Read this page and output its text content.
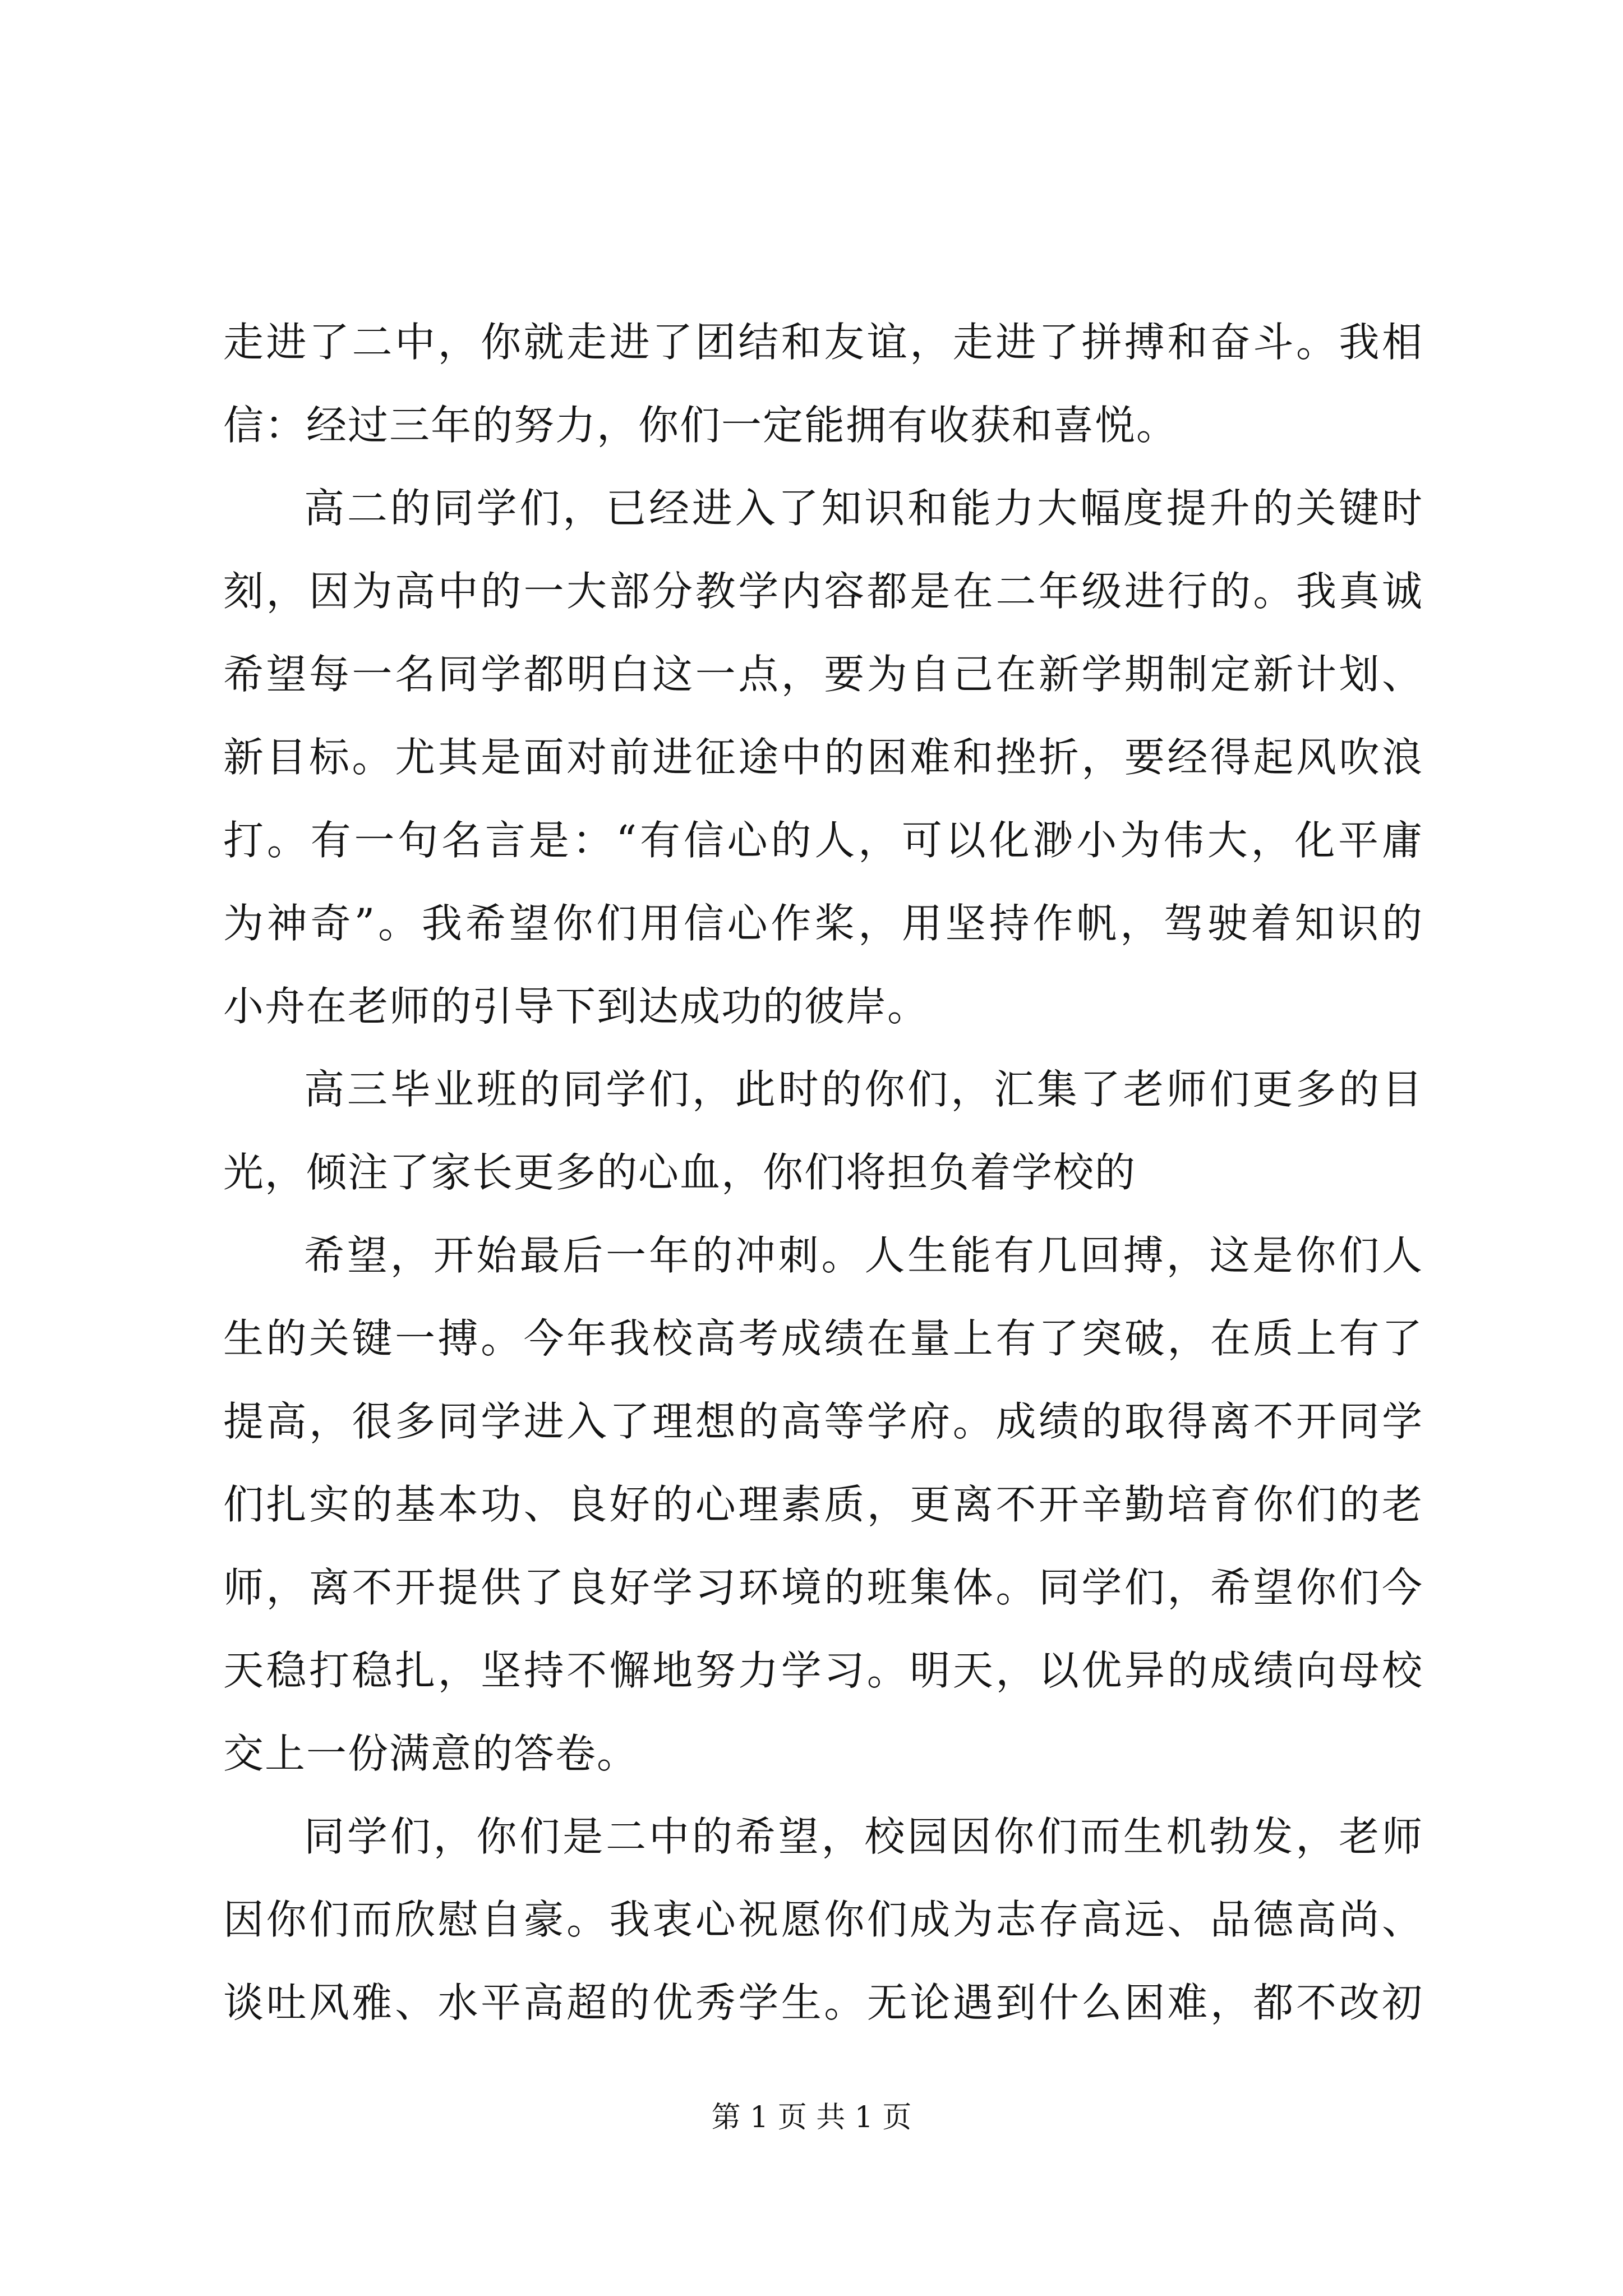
走进了二中，你就走进了团结和友谊，走进了拼搏和奋斗。我相
信：经过三年的努力，你们一定能拥有收获和喜悦。
高二的同学们，已经进入了知识和能力大幅度提升的关键时
刻，因为高中的一大部分教学内容都是在二年级进行的。我真诚
希望每一名同学都明白这一点，要为自己在新学期制定新计划、
新目标。尤其是面对前进征途中的困难和挫折，要经得起风吹浪
打。有一句名言是：“有信心的人，可以化渺小为伟大，化平庸
为神奇”。我希望你们用信心作桨，用坚持作帆，驾驶着知识的
小舟在老师的引导下到达成功的彼岸。
高三毕业班的同学们，此时的你们，汇集了老师们更多的目
光，倾注了家长更多的心血，你们将担负着学校的
希望，开始最后一年的冲刺。人生能有几回搏，这是你们人
生的关键一搏。今年我校高考成绩在量上有了突破，在质上有了
提高，很多同学进入了理想的高等学府。成绩的取得离不开同学
们扎实的基本功、良好的心理素质，更离不开辛勤培育你们的老
师，离不开提供了良好学习环境的班集体。同学们，希望你们今
天稳打稳扎，坚持不懈地努力学习。明天，以优异的成绩向母校
交上一份满意的答卷。
同学们，你们是二中的希望，校园因你们而生机勃发，老师
因你们而欣慰自豪。我衷心祝愿你们成为志存高远、品德高尚、
谈吐风雅、水平高超的优秀学生。无论遇到什么困难，都不改初
第 1 页 共 1 页
